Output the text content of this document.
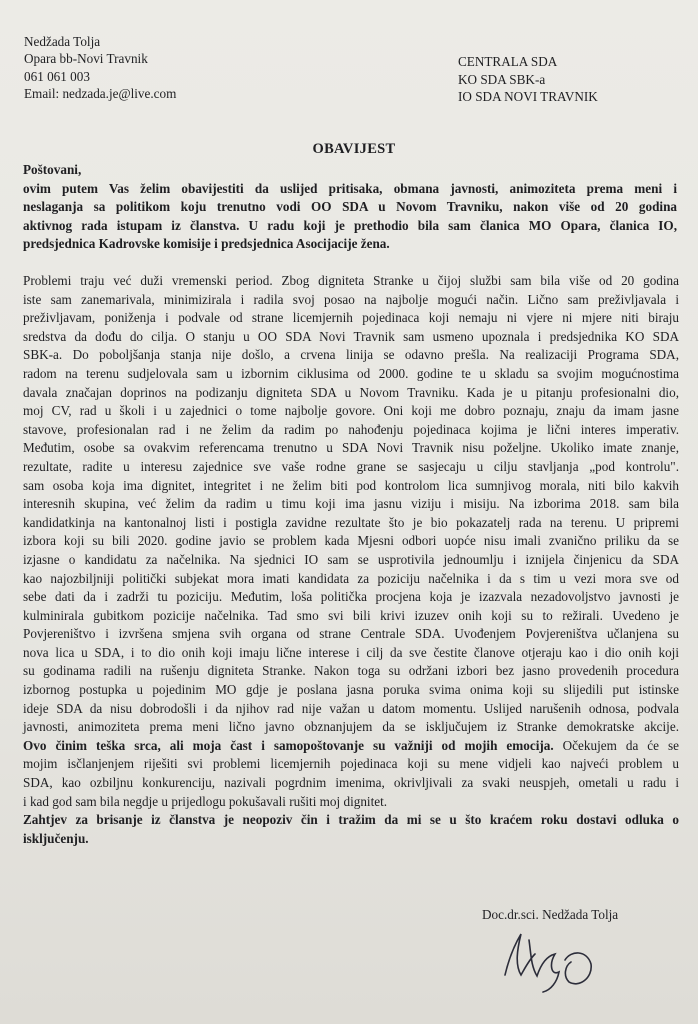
Nedžada Tolja
Opara bb-Novi Travnik
061 061 003
Email: nedzada.je@live.com
CENTRALA SDA
KO SDA SBK-a
IO SDA NOVI TRAVNIK
OBAVIJEST
Poštovani,
ovim putem Vas želim obavijestiti da uslijed pritisaka, obmana javnosti, animoziteta prema meni i
neslaganja sa politikom koju trenutno vodi OO SDA u Novom Travniku, nakon više od 20 godina
aktivnog rada istupam iz članstva. U radu koji je prethodio bila sam članica MO Opara, članica IO,
predsjednica Kadrovske komisije i predsjednica Asocijacije žena.
Problemi traju već duži vremenski period. Zbog digniteta Stranke u čijoj službi sam bila više od 20 godina
iste sam zanemarivala, minimizirala i radila svoj posao na najbolje mogući način. Lično sam preživljavala i
preživljavam, poniženja i podvale od strane licemjernih pojedinaca koji nemaju ni vjere ni mjere niti biraju
sredstva da dođu do cilja. O stanju u OO SDA Novi Travnik sam usmeno upoznala i predsjednika KO SDA
SBK-a. Do poboljšanja stanja nije došlo, a crvena linija se odavno prešla. Na realizaciji Programa SDA,
radom na terenu sudjelovala sam u izbornim ciklusima od 2000. godine te u skladu sa svojim mogućnostima
davala značajan doprinos na podizanju digniteta SDA u Novom Travniku. Kada je u pitanju profesionalni dio,
moj CV, rad u školi i u zajednici o tome najbolje govore. Oni koji me dobro poznaju, znaju da imam jasne
stavove, profesionalan rad i ne želim da radim po nahođenju pojedinaca kojima je lični interes imperativ.
Međutim, osobe sa ovakvim referencama trenutno u SDA Novi Travnik nisu poželjne. Ukoliko imate znanje,
rezultate, radite u interesu zajednice sve vaše rodne grane se sasjecaju u cilju stavljanja „pod kontrolu".
sam osoba koja ima dignitet, integritet i ne želim biti pod kontrolom lica sumnjivog morala, niti bilo kakvih
interesnih skupina, već želim da radim u timu koji ima jasnu viziju i misiju. Na izborima 2018. sam bila
kandidatkinja na kantonalnoj listi i postigla zavidne rezultate što je bio pokazatelj rada na terenu. U pripremi
izbora koji su bili 2020. godine javio se problem kada Mjesni odbori uopće nisu imali zvanično priliku da se
izjasne o kandidatu za načelnika. Na sjednici IO sam se usprotivila jednoumlju i iznijela činjenicu da SDA
kao najozbiljniji politički subjekat mora imati kandidata za poziciju načelnika i da s tim u vezi mora sve od
sebe dati da i zadrži tu poziciju. Međutim, loša politička procjena koja je izazvala nezadovoljstvo javnosti je
kulminirala gubitkom pozicije načelnika. Tad smo svi bili krivi izuzev onih koji su to režirali. Uvedeno je
Povjereništvo i izvršena smjena svih organa od strane Centrale SDA. Uvođenjem Povjereništva učlanjena su
nova lica u SDA, i to dio onih koji imaju lične interese i cilj da sve čestite članove otjeraju kao i dio onih koji
su godinama radili na rušenju digniteta Stranke. Nakon toga su održani izbori bez jasno provedenih procedura
izbornog postupka u pojedinim MO gdje je poslana jasna poruka svima onima koji su slijedili put istinske
ideje SDA da nisu dobrodošli i da njihov rad nije važan u datom momentu. Uslijed narušenih odnosa, podvala
javnosti, animoziteta prema meni lično javno obznanjujem da se isključujem iz Stranke demokratske akcije.
Ovo činim teška srca, ali moja čast i samopoštovanje su važniji od mojih emocija. Očekujem da će se
mojim isčlanjenjem riješiti svi problemi licemjernih pojedinaca koji su mene vidjeli kao najveći problem u
SDA, kao ozbiljnu konkurenciju, nazivali pogrdnim imenima, okrivljivali za svaki neuspjeh, ometali u radu i
i kad god sam bila negdje u prijedlogu pokušavali rušiti moj dignitet.
Zahtjev za brisanje iz članstva je neopoziv čin i tražim da mi se u što kraćem roku dostavi odluka o
isključenju.
Doc.dr.sci. Nedžada Tolja
